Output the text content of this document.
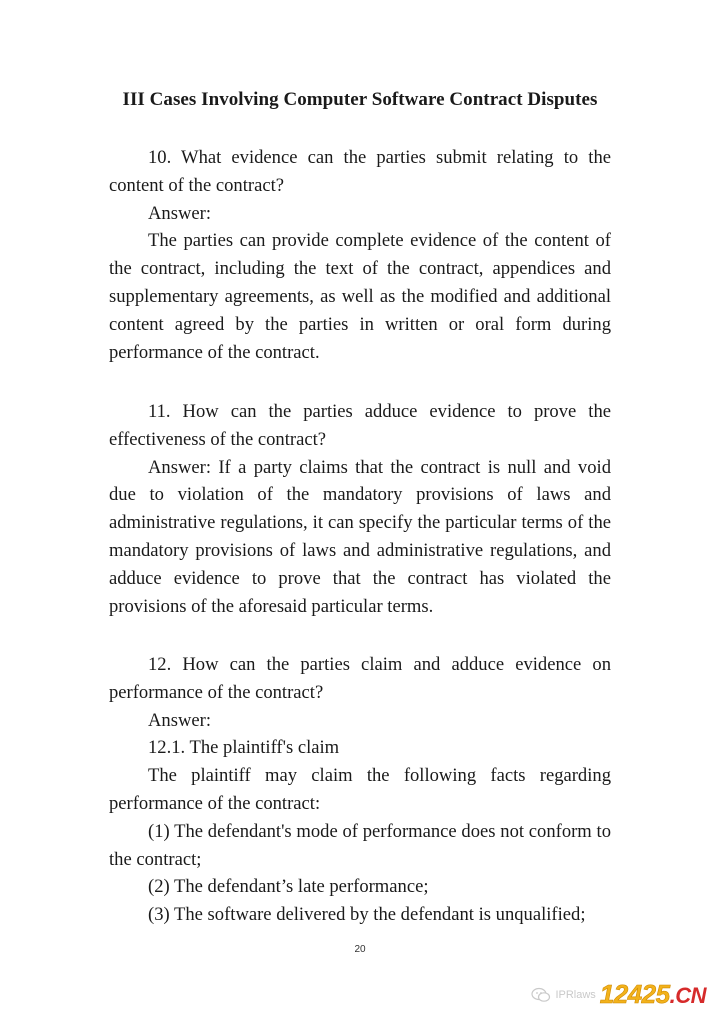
III Cases Involving Computer Software Contract Disputes

10. What evidence can the parties submit relating to the content of the contract?

Answer:

The parties can provide complete evidence of the content of the contract, including the text of the contract, appendices and supplementary agreements, as well as the modified and additional content agreed by the parties in written or oral form during performance of the contract.

11. How can the parties adduce evidence to prove the effectiveness of the contract?

Answer: If a party claims that the contract is null and void due to violation of the mandatory provisions of laws and administrative regulations, it can specify the particular terms of the mandatory provisions of laws and administrative regulations, and adduce evidence to prove that the contract has violated the provisions of the aforesaid particular terms.

12. How can the parties claim and adduce evidence on performance of the contract?

Answer:

12.1. The plaintiff's claim

The plaintiff may claim the following facts regarding performance of the contract:

(1) The defendant's mode of performance does not conform to the contract;

(2) The defendant’s late performance;

(3) The software delivered by the defendant is unqualified;

20
IPRlaws 12425.CN
